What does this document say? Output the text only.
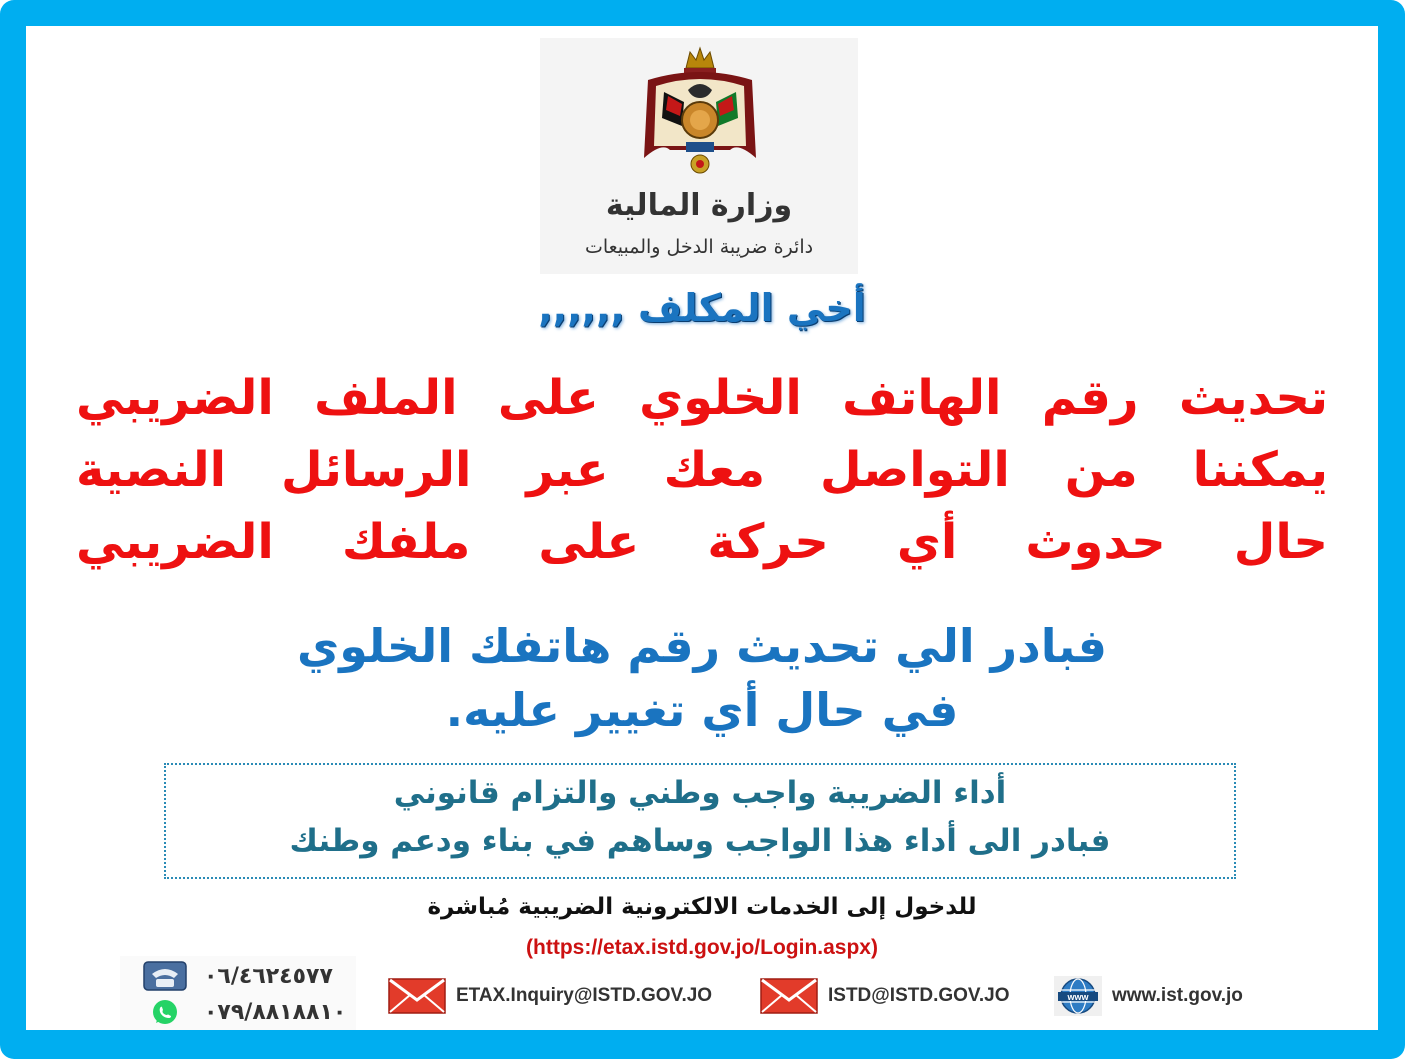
وزارة المالية
دائرة ضريبة الدخل والمبيعات
أخي المكلف ,,,,,,
تحديث رقم الهاتف الخلوي على الملف الضريبي
يمكننا من التواصل معك عبر الرسائل النصية
حال حدوث أي حركة على ملفك الضريبي
فبادر الي تحديث رقم هاتفك الخلوي
في حال أي تغيير عليه.
أداء الضريبة واجب وطني والتزام قانوني
فبادر الى أداء هذا الواجب وساهم في بناء ودعم وطنك
للدخول إلى الخدمات الالكترونية الضريبية مُباشرة
(https://etax.istd.gov.jo/Login.aspx)
٠٦/٤٦٢٤٥٧٧
٠٧٩/٨٨١٨٨١٠
ETAX.Inquiry@ISTD.GOV.JO	ISTD@ISTD.GOV.JO	www www.ist.gov.jo
